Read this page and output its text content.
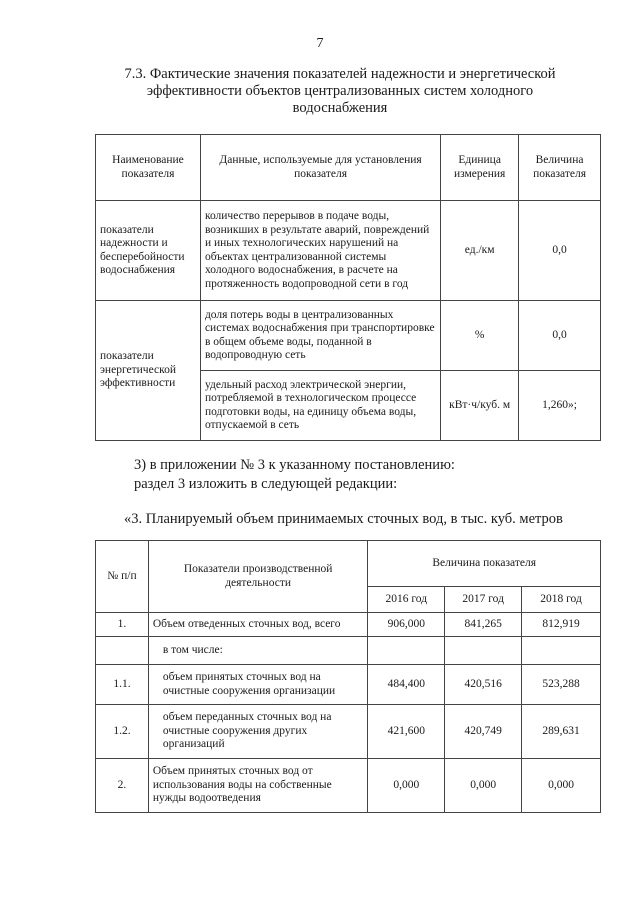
7
7.3. Фактические значения показателей надежности и энергетической
эффективности объектов централизованных систем холодного
водоснабжения
Наименование показателя	Данные, используемые для установления показателя	Единица измерения	Величина показателя
показатели надежности и бесперебойности водоснабжения	количество перерывов в подаче воды, возникших в результате аварий, повреждений и иных технологических нарушений на объектах централизованной системы холодного водоснабжения, в расчете на протяженность водопроводной сети в год	ед./км	0,0
показатели энергетической эффективности	доля потерь воды в централизованных системах водоснабжения при транспортировке в общем объеме воды, поданной в водопроводную сеть	%	0,0
	удельный расход электрической энергии, потребляемой в технологическом процессе подготовки воды, на единицу объема воды, отпускаемой в сеть	кВт·ч/куб. м	1,260»;
3) в приложении № 3 к указанному постановлению:
раздел 3 изложить в следующей редакции:
«3. Планируемый объем принимаемых сточных вод, в тыс. куб. метров
№ п/п	Показатели производственной деятельности	Величина показателя		
		2016 год	2017 год	2018 год
1.	Объем отведенных сточных вод, всего	906,000	841,265	812,919
	в том числе:			
1.1.	объем принятых сточных вод на очистные сооружения организации	484,400	420,516	523,288
1.2.	объем переданных сточных вод на очистные сооружения других организаций	421,600	420,749	289,631
2.	Объем принятых сточных вод от использования воды на собственные нужды водоотведения	0,000	0,000	0,000
